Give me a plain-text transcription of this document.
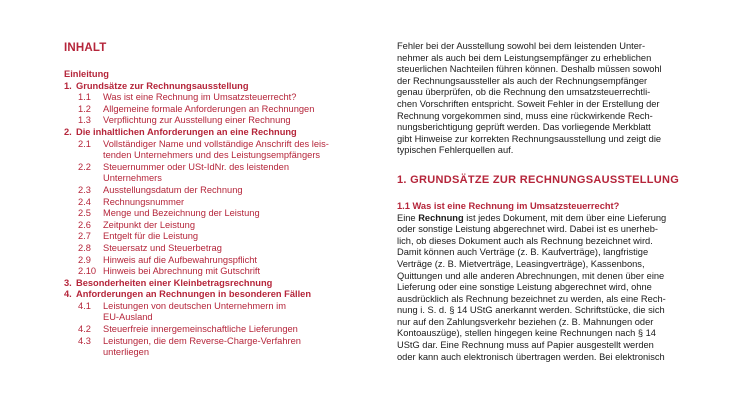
INHALT
Einleitung
1. Grundsätze zur Rechnungsausstellung
1.1 Was ist eine Rechnung im Umsatzsteuerrecht?
1.2 Allgemeine formale Anforderungen an Rechnungen
1.3 Verpflichtung zur Ausstellung einer Rechnung
2. Die inhaltlichen Anforderungen an eine Rechnung
2.1 Vollständiger Name und vollständige Anschrift des leis-
tenden Unternehmers und des Leistungsempfängers
2.2 Steuernummer oder USt-IdNr. des leistenden
Unternehmers
2.3 Ausstellungsdatum der Rechnung
2.4 Rechnungsnummer
2.5 Menge und Bezeichnung der Leistung
2.6 Zeitpunkt der Leistung
2.7 Entgelt für die Leistung
2.8 Steuersatz und Steuerbetrag
2.9 Hinweis auf die Aufbewahrungspflicht
2.10 Hinweis bei Abrechnung mit Gutschrift
3. Besonderheiten einer Kleinbetragsrechnung
4. Anforderungen an Rechnungen in besonderen Fällen
4.1 Leistungen von deutschen Unternehmern im
EU-Ausland
4.2 Steuerfreie innergemeinschaftliche Lieferungen
4.3 Leistungen, die dem Reverse-Charge-Verfahren
unterliegen
Fehler bei der Ausstellung sowohl bei dem leistenden Unter-
nehmer als auch bei dem Leistungsempfänger zu erheblichen
steuerlichen Nachteilen führen können. Deshalb müssen sowohl
der Rechnungsaussteller als auch der Rechnungsempfänger
genau überprüfen, ob die Rechnung den umsatzsteuerrechtli-
chen Vorschriften entspricht. Soweit Fehler in der Erstellung der
Rechnung vorgekommen sind, muss eine rückwirkende Rech-
nungsberichtigung geprüft werden. Das vorliegende Merkblatt
gibt Hinweise zur korrekten Rechnungsausstellung und zeigt die
typischen Fehlerquellen auf.
1. GRUNDSÄTZE ZUR RECHNUNGSAUSSTELLUNG
1.1 Was ist eine Rechnung im Umsatzsteuerrecht?
Eine Rechnung ist jedes Dokument, mit dem über eine Lieferung
oder sonstige Leistung abgerechnet wird. Dabei ist es unerheb-
lich, ob dieses Dokument auch als Rechnung bezeichnet wird.
Damit können auch Verträge (z. B. Kaufverträge), langfristige
Verträge (z. B. Mietverträge, Leasingverträge), Kassenbons,
Quittungen und alle anderen Abrechnungen, mit denen über eine
Lieferung oder eine sonstige Leistung abgerechnet wird, ohne
ausdrücklich als Rechnung bezeichnet zu werden, als eine Rech-
nung i. S. d. § 14 UStG anerkannt werden. Schriftstücke, die sich
nur auf den Zahlungsverkehr beziehen (z. B. Mahnungen oder
Kontoauszüge), stellen hingegen keine Rechnungen nach § 14
UStG dar. Eine Rechnung muss auf Papier ausgestellt werden
oder kann auch elektronisch übertragen werden. Bei elektronisch
